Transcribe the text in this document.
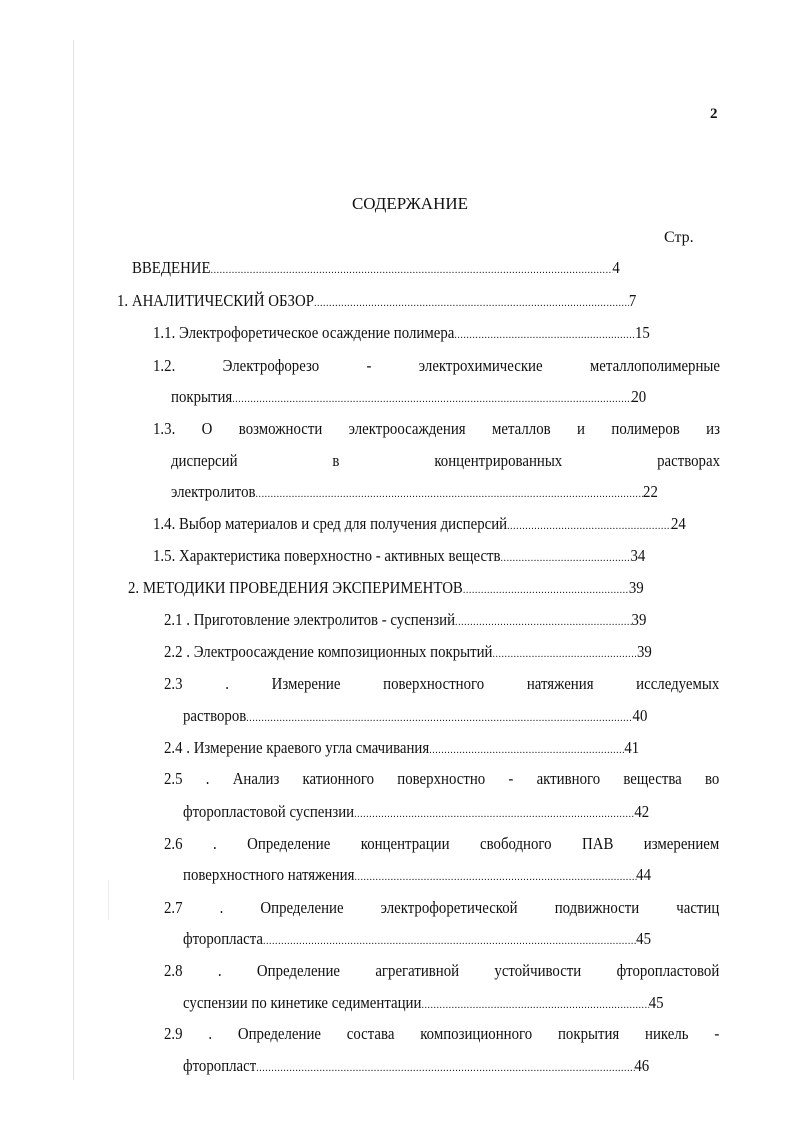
2
СОДЕРЖАНИЕ
Стр.
ВВЕДЕНИЕ .....	4
1. АНАЛИТИЧЕСКИЙ ОБЗОР .....	7
1.1. Электрофоретическое осаждение полимера .....	15
1.2. Электрофорезо - электрохимические металлополимерные
покрытия .....	20
1.3. О возможности электроосаждения металлов и полимеров из
дисперсий в концентрированных растворах
электролитов .....	22
1.4. Выбор материалов и сред для получения дисперсий .....	24
1.5. Характеристика поверхностно - активных веществ .....	34
2. МЕТОДИКИ ПРОВЕДЕНИЯ ЭКСПЕРИМЕНТОВ .....	39
2.1 . Приготовление электролитов - суспензий .....	39
2.2 . Электроосаждение композиционных покрытий .....	39
2.3 . Измерение поверхностного натяжения исследуемых
растворов .....	40
2.4 . Измерение краевого угла смачивания .....	41
2.5 . Анализ катионного поверхностно - активного вещества во
фторопластовой суспензии .....	42
2.6 . Определение концентрации свободного ПАВ измерением
поверхностного натяжения .....	44
2.7 . Определение электрофоретической подвижности частиц
фторопласта .....	45
2.8 . Определение агрегативной устойчивости фторопластовой
суспензии по кинетике седиментации .....	45
2.9 . Определение состава композиционного покрытия никель -
фторопласт .....	46
